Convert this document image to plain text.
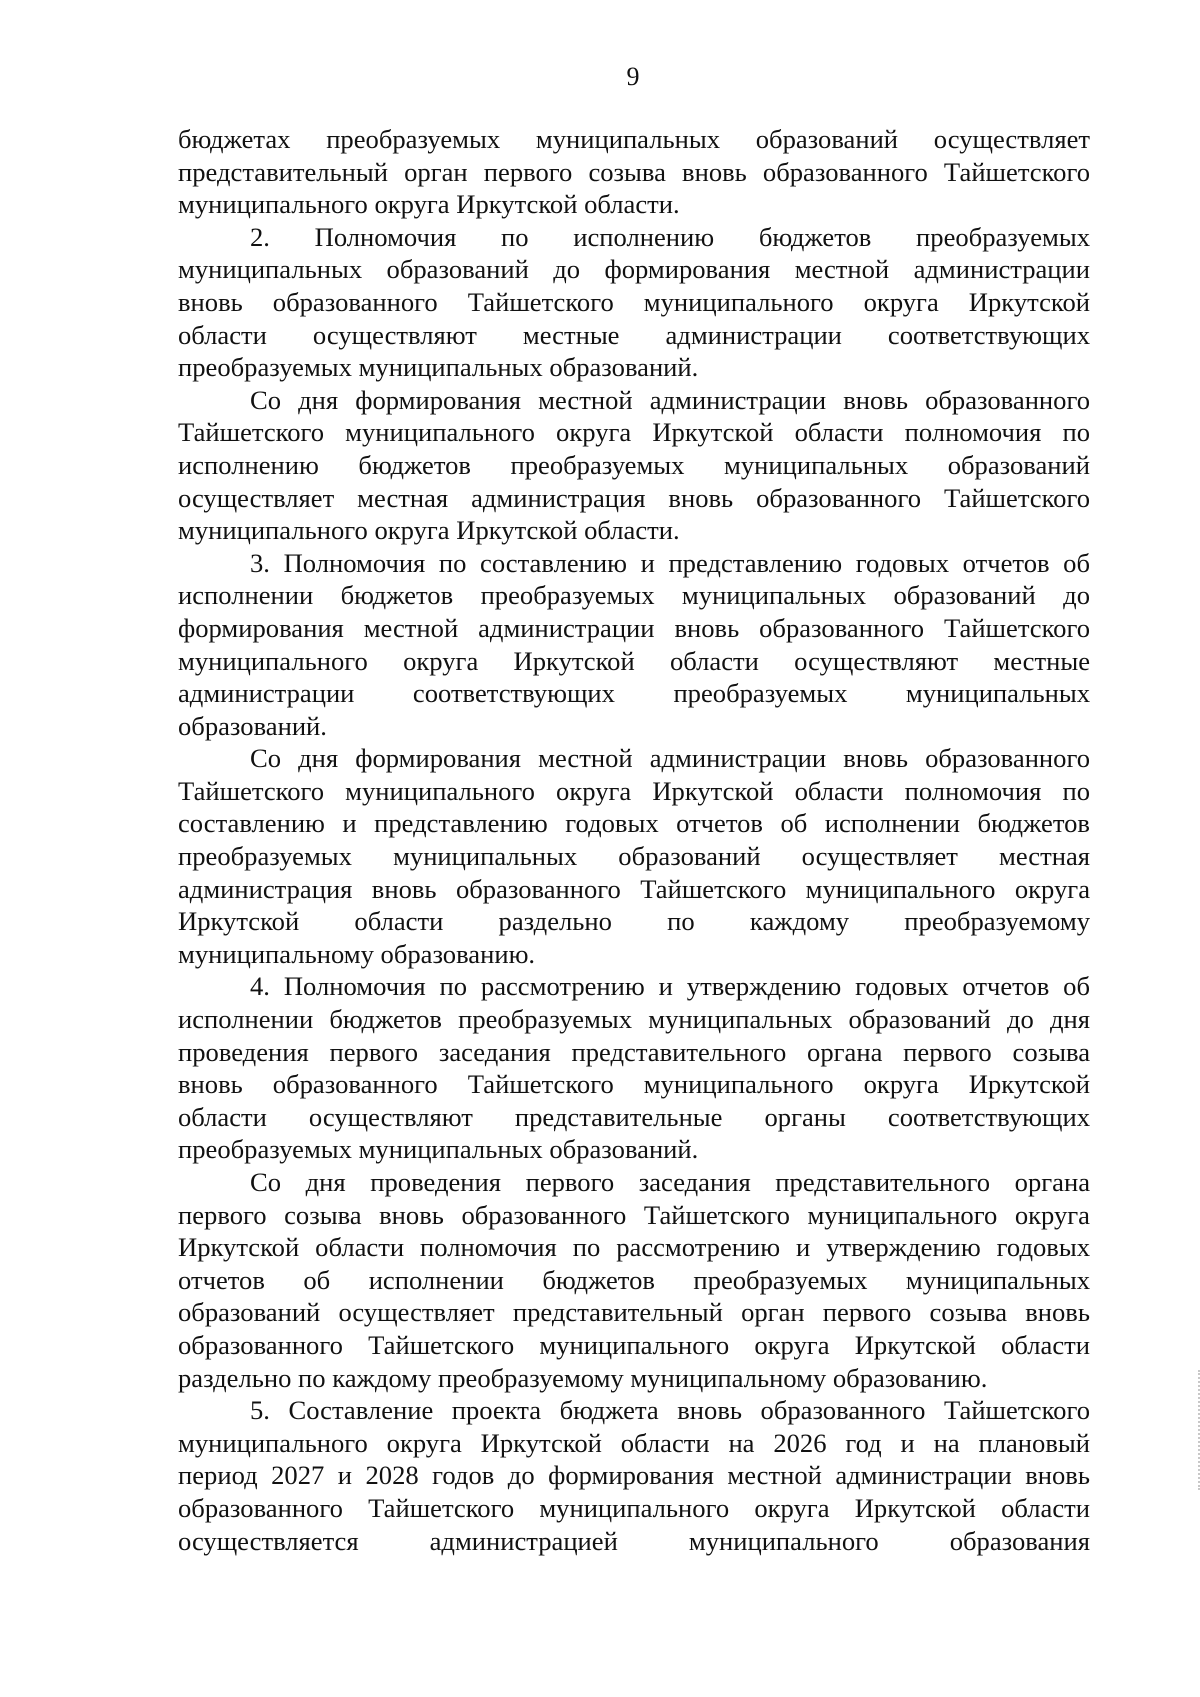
9
бюджетах преобразуемых муниципальных образований осуществляет
представительный орган первого созыва вновь образованного Тайшетского
муниципального округа Иркутской области.
2. Полномочия по исполнению бюджетов преобразуемых
муниципальных образований до формирования местной администрации
вновь образованного Тайшетского муниципального округа Иркутской
области осуществляют местные администрации соответствующих
преобразуемых муниципальных образований.
Со дня формирования местной администрации вновь образованного
Тайшетского муниципального округа Иркутской области полномочия по
исполнению бюджетов преобразуемых муниципальных образований
осуществляет местная администрация вновь образованного Тайшетского
муниципального округа Иркутской области.
3. Полномочия по составлению и представлению годовых отчетов об
исполнении бюджетов преобразуемых муниципальных образований до
формирования местной администрации вновь образованного Тайшетского
муниципального округа Иркутской области осуществляют местные
администрации соответствующих преобразуемых муниципальных
образований.
Со дня формирования местной администрации вновь образованного
Тайшетского муниципального округа Иркутской области полномочия по
составлению и представлению годовых отчетов об исполнении бюджетов
преобразуемых муниципальных образований осуществляет местная
администрация вновь образованного Тайшетского муниципального округа
Иркутской области раздельно по каждому преобразуемому
муниципальному образованию.
4. Полномочия по рассмотрению и утверждению годовых отчетов об
исполнении бюджетов преобразуемых муниципальных образований до дня
проведения первого заседания представительного органа первого созыва
вновь образованного Тайшетского муниципального округа Иркутской
области осуществляют представительные органы соответствующих
преобразуемых муниципальных образований.
Со дня проведения первого заседания представительного органа
первого созыва вновь образованного Тайшетского муниципального округа
Иркутской области полномочия по рассмотрению и утверждению годовых
отчетов об исполнении бюджетов преобразуемых муниципальных
образований осуществляет представительный орган первого созыва вновь
образованного Тайшетского муниципального округа Иркутской области
раздельно по каждому преобразуемому муниципальному образованию.
5. Составление проекта бюджета вновь образованного Тайшетского
муниципального округа Иркутской области на 2026 год и на плановый
период 2027 и 2028 годов до формирования местной администрации вновь
образованного Тайшетского муниципального округа Иркутской области
осуществляется администрацией муниципального образования
